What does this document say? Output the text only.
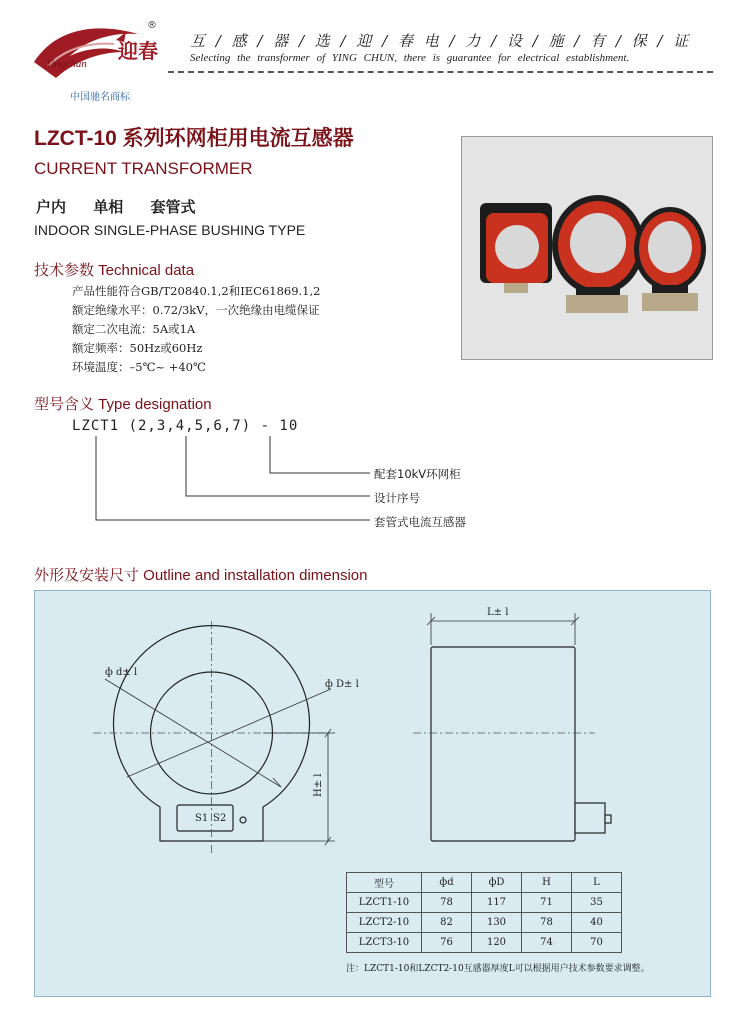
迎春
®
Yingchun
中国驰名商标
互 / 感 / 器 / 选 / 迎 / 春 电 / 力 / 设 / 施 / 有 / 保 / 证
Selecting the transformer of YING CHUN, there is guarantee for electrical establishment.
LZCT-10 系列环网柜用电流互感器
CURRENT TRANSFORMER
户内 单相 套管式
INDOOR SINGLE-PHASE BUSHING TYPE
技术参数 Technical data
产品性能符合GB/T20840.1,2和IEC61869.1,2
额定绝缘水平：0.72/3kV，一次绝缘由电缆保证
额定二次电流：5A或1A
额定频率：50Hz或60Hz
环境温度：–5℃~ +40℃
型号含义 Type designation
LZCT1 (2,3,4,5,6,7) - 10
配套10kV环网柜
设计序号
套管式电流互感器
外形及安装尺寸 Outline and installation dimension
ф d± l
ф D± l
H± l
S1 S2
L± l
型号	фd	фD	H	L
LZCT1-10	78	117	71	35
LZCT2-10	82	130	78	40
LZCT3-10	76	120	74	70
注：LZCT1-10和LZCT2-10互感器厚度L可以根据用户技术参数要求调整。
